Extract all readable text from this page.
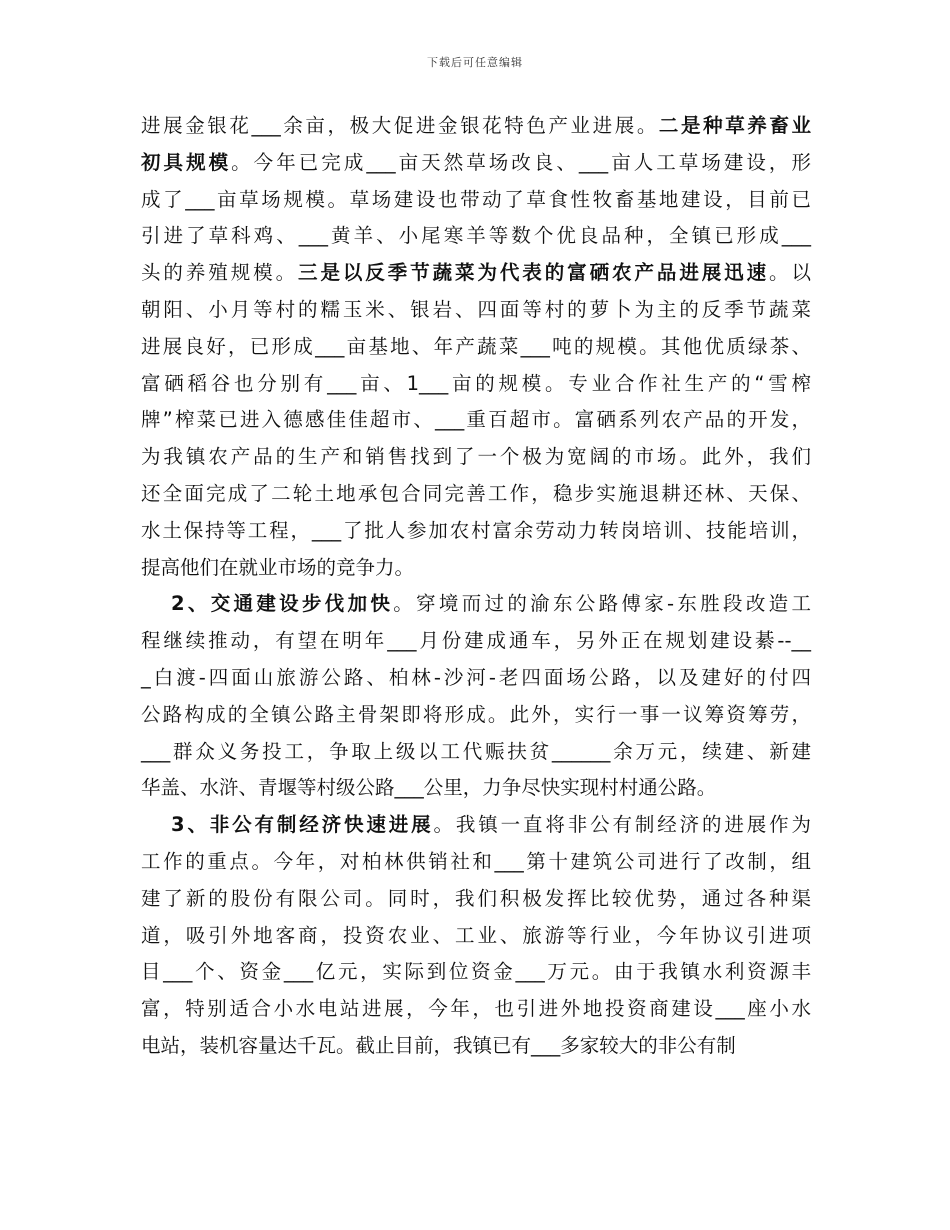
下载后可任意编辑
进展金银花___余亩，极大促进金银花特色产业进展。二是种草养畜业
初具规模。今年已完成___亩天然草场改良、___亩人工草场建设，形
成了___亩草场规模。草场建设也带动了草食性牧畜基地建设，目前已
引进了草科鸡、___黄羊、小尾寒羊等数个优良品种，全镇已形成___
头的养殖规模。三是以反季节蔬菜为代表的富硒农产品进展迅速。以
朝阳、小月等村的糯玉米、银岩、四面等村的萝卜为主的反季节蔬菜
进展良好，已形成___亩基地、年产蔬菜___吨的规模。其他优质绿茶、
富硒稻谷也分别有___亩、1___亩的规模。专业合作社生产的“雪榨
牌”榨菜已进入德感佳佳超市、___重百超市。富硒系列农产品的开发，
为我镇农产品的生产和销售找到了一个极为宽阔的市场。此外，我们
还全面完成了二轮土地承包合同完善工作，稳步实施退耕还林、天保、
水土保持等工程，___了批人参加农村富余劳动力转岗培训、技能培训，
提高他们在就业市场的竞争力。
2、交通建设步伐加快。穿境而过的渝东公路傅家-东胜段改造工
程继续推动，有望在明年___月份建成通车，另外正在规划建设綦--__
_白渡-四面山旅游公路、柏林-沙河-老四面场公路，以及建好的付四
公路构成的全镇公路主骨架即将形成。此外，实行一事一议筹资筹劳，
___群众义务投工，争取上级以工代赈扶贫______余万元，续建、新建
华盖、水浒、青堰等村级公路___公里，力争尽快实现村村通公路。
3、非公有制经济快速进展。我镇一直将非公有制经济的进展作为
工作的重点。今年，对柏林供销社和___第十建筑公司进行了改制，组
建了新的股份有限公司。同时，我们积极发挥比较优势，通过各种渠
道，吸引外地客商，投资农业、工业、旅游等行业，今年协议引进项
目___个、资金___亿元，实际到位资金___万元。由于我镇水利资源丰
富，特别适合小水电站进展，今年，也引进外地投资商建设___座小水
电站，装机容量达千瓦。截止目前，我镇已有___多家较大的非公有制
